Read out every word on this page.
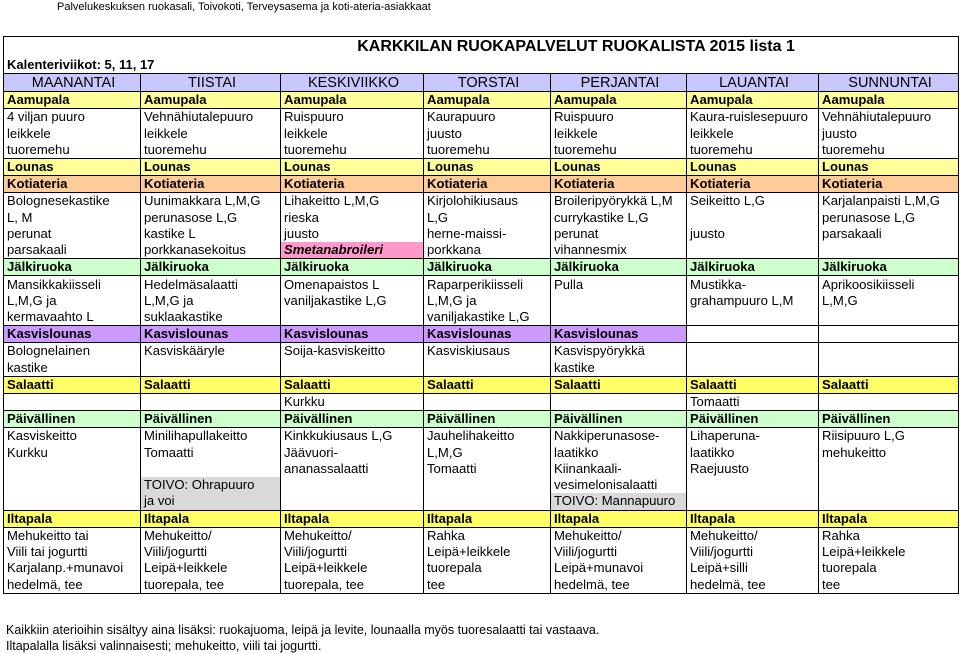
Palvelukeskuksen ruokasali, Toivokoti, Terveysasema ja koti-ateria-asiakkaat
KARKKILAN RUOKAPALVELUT RUOKALISTA 2015 lista 1						
Kalenteriviikot: 5, 11, 17						
MAANANTAI	TIISTAI	KESKIVIIKKO	TORSTAI	PERJANTAI	LAUANTAI	SUNNUNTAI
Aamupala	Aamupala	Aamupala	Aamupala	Aamupala	Aamupala	Aamupala
4 viljan puuro	Vehnähiutalepuuro	Ruispuuro	Kaurapuuro	Ruispuuro	Kaura-ruislesepuuro	Vehnähiutalepuuro
leikkele	leikkele	leikkele	juusto	leikkele	leikkele	juusto
tuoremehu	tuoremehu	tuoremehu	tuoremehu	tuoremehu	tuoremehu	tuoremehu
Lounas	Lounas	Lounas	Lounas	Lounas	Lounas	Lounas
Kotiateria	Kotiateria	Kotiateria	Kotiateria	Kotiateria	Kotiateria	Kotiateria
Bolognesekastike	Uunimakkara L,M,G	Lihakeitto L,M,G	Kirjolohikiusaus	Broileripyörykkä L,M	Seikeitto L,G	Karjalanpaisti L,M,G
L, M	perunasose L,G	rieska	L,G	currykastike L,G		perunasose L,G
perunat	kastike L	juusto	herne-maissi-	perunat	juusto	parsakaali
parsakaali	porkkanasekoitus	Smetanabroileri	porkkana	vihannesmix		
Jälkiruoka	Jälkiruoka	Jälkiruoka	Jälkiruoka	Jälkiruoka	Jälkiruoka	Jälkiruoka
Mansikkakiisseli	Hedelmäsalaatti	Omenapaistos L	Raparperikiisseli	Pulla	Mustikka-	Aprikoosikiisseli
L,M,G ja	L,M,G ja	vaniljakastike L,G	L,M,G ja		grahampuuro L,M	L,M,G
kermavaahto L	suklaakastike		vaniljakastike L,G			
Kasvislounas	Kasvislounas	Kasvislounas	Kasvislounas	Kasvislounas		
Bolognelainen	Kasviskääryle	Soija-kasviskeitto	Kasviskiusaus	Kasvispyörykkä		
kastike				kastike		
Salaatti	Salaatti	Salaatti	Salaatti	Salaatti	Salaatti	Salaatti
		Kurkku			Tomaatti	
Päivällinen	Päivällinen	Päivällinen	Päivällinen	Päivällinen	Päivällinen	Päivällinen
Kasviskeitto	Minilihapullakeitto	Kinkkukiusaus L,G	Jauhelihakeitto	Nakkiperunasose-	Lihaperuna-	Riisipuuro L,G
Kurkku	Tomaatti	Jäävuori-	L,M,G	laatikko	laatikko	mehukeitto
		ananassalaatti	Tomaatti	Kiinankaali-	Raejuusto	
	TOIVO: Ohrapuuro			vesimelonisalaatti		
	ja voi			TOIVO: Mannapuuro		
Iltapala	Iltapala	Iltapala	Iltapala	Iltapala	Iltapala	Iltapala
Mehukeitto tai	Mehukeitto/	Mehukeitto/	Rahka	Mehukeitto/	Mehukeitto/	Rahka
Viili tai jogurtti	Viili/jogurtti	Viili/jogurtti	Leipä+leikkele	Viili/jogurtti	Viili/jogurtti	Leipä+leikkele
Karjalanp.+munavoi	Leipä+leikkele	Leipä+leikkele	tuorepala	Leipä+munavoi	Leipä+silli	tuorepala
hedelmä, tee	tuorepala, tee	tuorepala, tee	tee	hedelmä, tee	hedelmä, tee	tee
Kaikkiin aterioihin sisältyy aina lisäksi: ruokajuoma, leipä ja levite, lounaalla myös tuoresalaatti tai vastaava.
Iltapalalla lisäksi valinnaisesti; mehukeitto, viili tai jogurtti.
